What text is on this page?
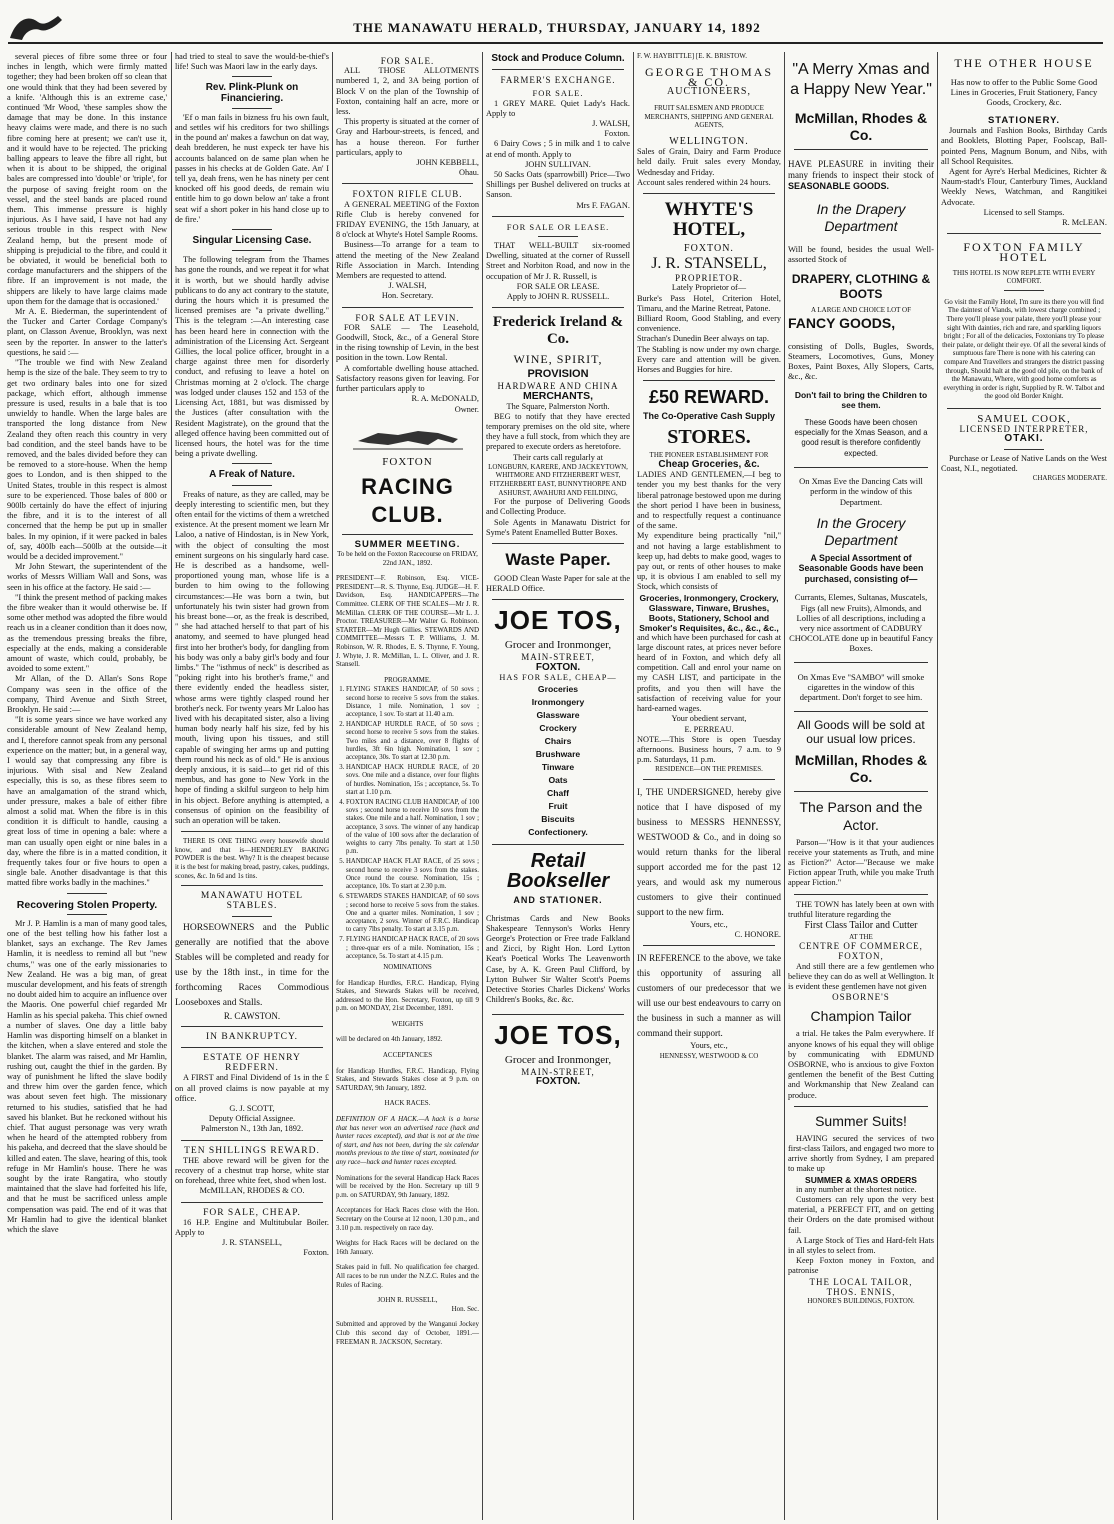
THE MANAWATU HERALD, THURSDAY, JANUARY 14, 1892

several pieces of fibre some three or four inches in length, which were firmly matted together; they had been broken off so clean that one would think that they had been severed by a knife. 'Although this is an extreme case,' continued 'Mr Wood, 'these samples show the damage that may be done. In this instance heavy claims were made, and there is no such fibre coming here at present; we can't use it, and it would have to be rejected. The pricking balling appears to leave the fibre all right, but when it is about to be shipped, the original bales are compressed into 'double' or 'triple', for the purpose of saving freight room on the vessel, and the steel bands are placed round them. This immense pressure is highly injurious. As I have said, I have not had any serious trouble in this respect with New Zealand hemp, but the present mode of shipping is prejudicial to the fibre, and could it be obviated, it would be beneficial both to cordage manufacturers and the shippers of the fibre. If an improvement is not made, the shippers are likely to have large claims made upon them for the damage that is occasioned.'

Mr A. E. Biederman, the superintendent of the Tucker and Carter Cordage Company's plant, on Classon Avenue, Brooklyn, was next seen by the reporter. In answer to the latter's questions, he said :—

"The trouble we find with New Zealand hemp is the size of the bale. They seem to try to get two ordinary bales into one for sized package, which effort, although immense pressure is used, results in a bale that is too unwieldy to handle. When the large bales are transported the long distance from New Zealand they often reach this country in very bad condition, and the steel bands have to be removed, and the bales divided before they can be removed to a store-house. When the hemp goes to London, and is then shipped to the United States, trouble in this respect is almost sure to be experienced. Those bales of 800 or 900lb certainly do have the effect of injuring the fibre, and it is to the interest of all concerned that the hemp be put up in smaller bales. In my opinion, if it were packed in bales of, say, 400lb each—500lb at the outside—it would be a decided improvement."

Mr John Stewart, the superintendent of the works of Messrs William Wall and Sons, was seen in his office at the factory. He said :—

"I think the present method of packing makes the fibre weaker than it would otherwise be. If some other method was adopted the fibre would reach us in a cleaner condition than it does now, as the tremendous pressing breaks the fibre, especially at the ends, making a considerable amount of waste, which could, probably, be avoided to some extent."

Mr Allan, of the D. Allan's Sons Rope Company was seen in the office of the company, Third Avenue and Sixth Street, Brooklyn. He said :—

"It is some years since we have worked any considerable amount of New Zealand hemp, and I, therefore cannot speak from any personal experience on the matter; but, in a general way, I would say that compressing any fibre is injurious. With sisal and New Zealand especially, this is so, as these fibres seem to have an amalgamation of the strand which, under pressure, makes a bale of either fibre almost a solid mat. When the fibre is in this condition it is difficult to handle, causing a great loss of time in opening a bale: where a man can usually open eight or nine bales in a day, where the fibre is in a matted condition, it frequently takes four or five hours to open a single bale. Another disadvantage is that this matted fibre works badly in the machines."

Recovering Stolen Property.

Mr J. P. Hamlin is a man of many good tales, one of the best telling how his father lost a blanket, says an exchange. The Rev James Hamlin, it is needless to remind all but "new chums," was one of the early missionaries to New Zealand. He was a big man, of great muscular development, and his feats of strength no doubt aided him to acquire an influence over the Maoris. One powerful chief regarded Mr Hamlin as his special pakeha. This chief owned a number of slaves. One day a little baby Hamlin was disporting himself on a blanket in the kitchen, when a slave entered and stole the blanket. The alarm was raised, and Mr Hamlin, rushing out, caught the thief in the garden. By way of punishment he lifted the slave bodily and threw him over the garden fence, which was about seven feet high. The missionary returned to his studies, satisfied that he had saved his blanket. But he reckoned without his chief. That august personage was very wrath when he heard of the attempted robbery from his pakeha, and decreed that the slave should be killed and eaten. The slave, hearing of this, took refuge in Mr Hamlin's house. There he was sought by the irate Rangatira, who stoutly maintained that the slave had forfeited his life, and that he must be sacrificed unless ample compensation was paid. The end of it was that Mr Hamlin had to give the identical blanket which the slave

had tried to steal to save the would-be-thief's life! Such was Maori law in the early days.

Rev. Plink-Plunk on Financiering.

'Ef o man fails in bizness fru his own fault, and settles wif his creditors for two shillings in the pound an' makes a fawchun on dat way, deah bredderen, he nust expeck ter have his accounts balanced on de same plan when he passes in his checks at de Golden Gate. An' I tell ya, deah frens, wen he has ninety per cent knocked off his good deeds, de remain wiu entitle him to go down below an' take a front seat wif a short poker in his hand close up to de fire.'

Singular Licensing Case.

The following telegram from the Thames has gone the rounds, and we repeat it for what it is worth, but we should hardly advise publicans to do any act contrary to the statute, during the hours which it is presumed the licensed premises are "a private dwelling." This is the telegram :—An interesting case has been heard here in connection with the administration of the Licensing Act. Sergeant Gillies, the local police officer, brought in a charge against three men for disorderly conduct, and refusing to leave a hotel on Christmas morning at 2 o'clock. The charge was lodged under clauses 152 and 153 of the Licensing Act, 1881, but was dismissed by the Justices (after consultation with the Resident Magistrate), on the ground that the alleged offence having been committed out of licensed hours, the hotel was for the time being a private dwelling.

A Freak of Nature.

Freaks of nature, as they are called, may be deeply interesting to scientific men, but they often entail for the victims of them a wretched existence. At the present moment we learn Mr Laloo, a native of Hindostan, is in New York, with the object of consulting the most eminent surgeons on his singularly hard case. He is described as a handsome, well-proportioned young man, whose life is a burden to him owing to the following circumstances:—He was born a twin, but unfortunately his twin sister had grown from his breast bone—or, as the freak is described, " she had attached herself to that part of his anatomy, and seemed to have plunged head first into her brother's body, for dangling from his body was only a baby girl's body and four limbs." The "isthmus of neck" is described as "poking right into his brother's frame," and there evidently ended the headless sister, whose arms were tightly clasped round her brother's neck. For twenty years Mr Laloo has lived with his decapitated sister, also a living human body nearly half his size, fed by his mouth, living upon his tissues, and still capable of swinging her arms up and putting them round his neck as of old." He is anxious deeply anxious, it is said—to get rid of this membus, and has gone to New York in the hope of finding a skilful surgeon to help him in his object. Before anything is attempted, a consensus of opinion on the feasibility of such an operation will be taken.

THERE IS ONE THING every housewife should know, and that is—HENDERLEY BAKING POWDER is the best. Why? It is the cheapest because it is the best for making bread, pastry, cakes, puddings, scones, &c. In 6d and 1s tins.

MANAWATU HOTEL STABLES.

HORSEOWNERS and the Public generally are notified that the above Stables will be completed and ready for use by the 18th inst., in time for the forthcoming Races Commodious Looseboxes and Stalls.

R. CAWSTON.
IN BANKRUPTCY.
ESTATE OF HENRY REDFERN.

A FIRST and Final Dividend of 1s in the £ on all proved claims is now payable at my office.

G. J. SCOTT,
Deputy Official Assignee.
Palmerston N., 13th Jan, 1892.
TEN SHILLINGS REWARD.

THE above reward will be given for the recovery of a chestnut trap horse, white star on forehead, three white feet, shod when lost.

McMILLAN, RHODES & CO.
FOR SALE, CHEAP.

16 H.P. Engine and Multitubular Boiler. Apply to

J. R. STANSELL,
Foxton.
FOR SALE.

ALL THOSE ALLOTMENTS numbered 1, 2, and 3A being portion of Block V on the plan of the Township of Foxton, containing half an acre, more or less.

This property is situated at the corner of Gray and Harbour-streets, is fenced, and has a house thereon. For further particulars, apply to

JOHN KEBBELL,
Ohau.
FOXTON RIFLE CLUB.

A GENERAL MEETING of the Foxton Rifle Club is hereby convened for FRIDAY EVENING, the 15th January, at 8 o'clock at Whyte's Hotel Sample Rooms.

Business—To arrange for a team to attend the meeting of the New Zealand Rifle Association in March. Intending Members are requested to attend.

J. WALSH,
Hon. Secretary.
FOR SALE AT LEVIN.

FOR SALE — The Leasehold, Goodwill, Stock, &c., of a General Store in the rising township of Levin, in the best position in the town. Low Rental.

A comfortable dwelling house attached. Satisfactory reasons given for leaving. For further particulars apply to

R. A. McDONALD,
Owner.
FOXTON
RACING CLUB.
SUMMER MEETING.

To be held on the Foxton Racecourse on FRIDAY, 22nd JAN., 1892.

PRESIDENT—F. Robinson, Esq. VICE-PRESIDENT—R. S. Thynne, Esq. JUDGE—H. F. Davidson, Esq. HANDICAPPERS—The Committee. CLERK OF THE SCALES—Mr J. R. McMillan. CLERK OF THE COURSE—Mr L. J. Proctor. TREASURER—Mr Walter G. Robinson. STARTER—Mr Hugh Gillies. STEWARDS AND COMMITTEE—Messrs T. P. Williams, J. M. Robinson, W. R. Rhodes, E. S. Thynne, F. Young, J. Whyte, J. R. McMillan, L. L. Oliver, and J. R. Stansell.

PROGRAMME.
1. FLYING STAKES HANDICAP, of 50 sovs ; second horse to receive 5 sovs from the stakes. Distance, 1 mile. Nomination, 1 sov ; acceptance, 1 sov. To start at 11.40 a.m.
2. HANDICAP HURDLE RACE, of 50 sovs ; second horse to receive 5 sovs from the stakes. Two miles and a distance, over 8 flights of hurdles, 3ft 6in high. Nomination, 1 sov ; acceptance, 30s. To start at 12.30 p.m.
3. HANDICAP HACK HURDLE RACE, of 20 sovs. One mile and a distance, over four flights of hurdles. Nomination, 15s ; acceptance, 5s. To start at 1.10 p.m.
4. FOXTON RACING CLUB HANDICAP, of 100 sovs ; second horse to receive 10 sovs from the stakes. One mile and a half. Nomination, 1 sov ; acceptance, 3 sovs. The winner of any handicap of the value of 100 sovs after the declaration of weights to carry 7lbs penalty. To start at 1.50 p.m.
5. HANDICAP HACK FLAT RACE, of 25 sovs ; second horse to receive 3 sovs from the stakes. Once round the course. Nomination, 15s ; acceptance, 10s. To start at 2.30 p.m.
6. STEWARDS STAKES HANDICAP, of 60 sovs ; second horse to receive 5 sovs from the stakes. One and a quarter miles. Nomination, 1 sov ; acceptance, 2 sovs. Winner of F.R.C. Handicap to carry 7lbs penalty. To start at 3.15 p.m.
7. FLYING HANDICAP HACK RACE, of 20 sovs ; three-quar ers of a mile. Nomination, 15s ; acceptance, 5s. To start at 4.15 p.m.
NOMINATIONS

for Handicap Hurdles, F.R.C. Handicap, Flying Stakes, and Stewards Stakes will be received, addressed to the Hon. Secretary, Foxton, up till 9 p.m. on MONDAY, 21st December, 1891.

WEIGHTS

will be declared on 4th January, 1892.

ACCEPTANCES

for Handicap Hurdles, F.R.C. Handicap, Flying Stakes, and Stewards Stakes close at 9 p.m. on SATURDAY, 9th January, 1892.

HACK RACES.

DEFINITION OF A HACK.—A hack is a horse that has never won an advertised race (hack and hunter races excepted), and that is not at the time of start, and has not been, during the six calendar months previous to the time of start, nominated for any race—hack and hunter races excepted.

Nominations for the several Handicap Hack Races will be received by the Hon. Secretary up till 9 p.m. on SATURDAY, 9th January, 1892.

Acceptances for Hack Races close with the Hon. Secretary on the Course at 12 noon, 1.30 p.m., and 3.10 p.m. respectively on race day.

Weights for Hack Races will be declared on the 16th January.

Stakes paid in full. No qualification fee charged. All races to be run under the N.Z.C. Rules and the Rules of Racing.

JOHN R. RUSSELL,
Hon. Sec.

Submitted and approved by the Wanganui Jockey Club this second day of October, 1891.—FREEMAN R. JACKSON, Secretary.

Stock and Produce Column.
FARMER'S EXCHANGE.
FOR SALE.

1 GREY MARE. Quiet Lady's Hack. Apply to

J. WALSH,
Foxton.

6 Dairy Cows ; 5 in milk and 1 to calve at end of month. Apply to

JOHN SULLIVAN.

50 Sacks Oats (sparrowbill) Price—Two Shillings per Bushel delivered on trucks at Sanson.

Mrs F. FAGAN.
FOR SALE OR LEASE.

THAT WELL-BUILT six-roomed Dwelling, situated at the corner of Russell Street and Norbiton Road, and now in the occupation of Mr J. R. Russell, is

FOR SALE OR LEASE.
Apply to JOHN R. RUSSELL.
Frederick Ireland & Co.
WINE, SPIRIT,
PROVISION
HARDWARE AND CHINA
MERCHANTS,
The Square, Palmerston North.

BEG to notify that they have erected temporary premises on the old site, where they have a full stock, from which they are prepared to execute orders as heretofore.

Their carts call regularly at
LONGBURN, KARERE, AND JACKEYTOWN, WHITMORE AND FITZHERBERT WEST, FITZHERBERT EAST, BUNNYTHORPE AND ASHURST, AWAHURI AND FEILDING,

For the purpose of Delivering Goods and Collecting Produce.

Sole Agents in Manawatu District for Syme's Patent Enamelled Butter Boxes.

Waste Paper.

GOOD Clean Waste Paper for sale at the HERALD Office.

JOE TOS,
Grocer and Ironmonger,
MAIN-STREET,
FOXTON.
HAS FOR SALE, CHEAP—
Groceries
Ironmongery
Glassware
Crockery
Chairs
Brushware
Tinware
Oats
Chaff
Fruit
Biscuits
Confectionery.
Retail Bookseller
AND STATIONER.

Christmas Cards and New Books Shakespeare Tennyson's Works Henry George's Protection or Free trade Falkland and Zicci, by Right Hon. Lord Lytton Keat's Poetical Works The Leavenworth Case, by A. K. Green Paul Clifford, by Lytton Bulwer Sir Walter Scott's Poems Detective Stories Charles Dickens' Works Children's Books, &c. &c.

JOE TOS,
Grocer and Ironmonger,
MAIN-STREET,
FOXTON.
F. W. HAYBITTLE] [E. K. BRISTOW.
GEORGE THOMAS & CO.
AUCTIONEERS,

FRUIT SALESMEN AND PRODUCE MERCHANTS, SHIPPING AND GENERAL AGENTS,

WELLINGTON.

Sales of Grain, Dairy and Farm Produce held daily. Fruit sales every Monday, Wednesday and Friday.

Account sales rendered within 24 hours.

WHYTE'S HOTEL,
FOXTON.
J. R. STANSELL,
PROPRIETOR.
Lately Proprietor of—

Burke's Pass Hotel, Criterion Hotel, Timaru, and the Marine Retreat, Patone.

Billiard Room, Good Stabling, and every convenience.

Strachan's Dunedin Beer always on tap.

The Stabling is now under my own charge. Every care and attention will be given. Horses and Buggies for hire.

£50 REWARD.
The Co-Operative Cash Supply
STORES.
THE PIONEER ESTABLISHMENT FOR
Cheap Groceries, &c.

LADIES AND GENTLEMEN,—I beg to tender you my best thanks for the very liberal patronage bestowed upon me during the short period I have been in business, and to respectfully request a continuance of the same.

My expenditure being practically "nil," and not having a large establishment to keep up, had debts to make good, wages to pay out, or rents of other houses to make up, it is obvious I am enabled to sell my Stock, which consists of

Groceries, Ironmongery, Crockery, Glassware, Tinware, Brushes, Boots, Stationery, School and Smoker's Requisites, &c., &c., &c.,

and which have been purchased for cash at large discount rates, at prices never before heard of in Foxton, and which defy all competition. Call and enrol your name on my CASH LIST, and participate in the profits, and you then will have the satisfaction of receiving value for your hard-earned wages.

Your obedient servant,
E. PERREAU.

NOTE.—This Store is open Tuesday afternoons. Business hours, 7 a.m. to 9 p.m. Saturdays, 11 p.m.

RESIDENCE—ON THE PREMISES.

I, THE UNDERSIGNED, hereby give notice that I have disposed of my business to MESSRS HENNESSY, WESTWOOD & Co., and in doing so would return thanks for the liberal support accorded me for the past 12 years, and would ask my numerous customers to give their continued support to the new firm.

Yours, etc.,
C. HONORE.

IN REFERENCE to the above, we take this opportunity of assuring all customers of our predecessor that we will use our best endeavours to carry on the business in such a manner as will command their support.

Yours, etc.,
HENNESSY, WESTWOOD & CO
"A Merry Xmas and a Happy New Year."
McMillan, Rhodes & Co.

HAVE PLEASURE in inviting their many friends to inspect their stock of SEASONABLE GOODS.

In the Drapery Department

Will be found, besides the usual Well-assorted Stock of

DRAPERY, CLOTHING & BOOTS
A LARGE AND CHOICE LOT OF
FANCY GOODS,

consisting of Dolls, Bugles, Swords, Steamers, Locomotives, Guns, Money Boxes, Paint Boxes, Ally Slopers, Carts, &c., &c.

Don't fail to bring the Children to see them.

These Goods have been chosen especially for the Xmas Season, and a good result is therefore confidently expected.

On Xmas Eve the Dancing Cats will perform in the window of this Department.

In the Grocery Department
A Special Assortment of Seasonable Goods have been purchased, consisting of—

Currants, Elemes, Sultanas, Muscatels, Figs (all new Fruits), Almonds, and Lollies of all descriptions, including a very nice assortment of CADBURY CHOCOLATE done up in beautiful Fancy Boxes.

On Xmas Eve "SAMBO" will smoke cigarettes in the window of this department. Don't forget to see him.

All Goods will be sold at our usual low prices.
McMillan, Rhodes & Co.
The Parson and the Actor.

Parson—"How is it that your audiences receive your statements as Truth, and mine as Fiction?" Actor—"Because we make Fiction appear Truth, while you make Truth appear Fiction."

THE TOWN has lately been at own with truthful literature regarding the

First Class Tailor and Cutter
AT THE
CENTRE OF COMMERCE, FOXTON,

And still there are a few gentlemen who believe they can do as well at Wellington. It is evident these gentlemen have not given

OSBORNE'S
Champion Tailor

a trial. He takes the Palm everywhere. If anyone knows of his equal they will oblige by communicating with EDMUND OSBORNE, who is anxious to give Foxton gentlemen the benefit of the Best Cutting and Workmanship that New Zealand can produce.

Summer Suits!

HAVING secured the services of two first-class Tailors, and engaged two more to arrive shortly from Sydney, I am prepared to make up

SUMMER & XMAS ORDERS

in any number at the shortest notice.

Customers can rely upon the very best material, a PERFECT FIT, and on getting their Orders on the date promised without fail.

A Large Stock of Ties and Hard-felt Hats in all styles to select from.

Keep Foxton money in Foxton, and patronise

THE LOCAL TAILOR,
THOS. ENNIS,
HONORE'S BUILDINGS, FOXTON.
THE OTHER HOUSE

Has now to offer to the Public Some Good Lines in Groceries, Fruit Stationery, Fancy Goods, Crockery, &c.

STATIONERY.

Journals and Fashion Books, Birthday Cards and Booklets, Blotting Paper, Foolscap, Ball-pointed Pens, Magnum Bonum, and Nibs, with all School Requisites.

Agent for Ayre's Herbal Medicines, Richter & Naum-stadt's Flour, Canterbury Times, Auckland Weekly News, Watchman, and Rangitikei Advocate.

Licensed to sell Stamps.
R. McLEAN.
FOXTON FAMILY HOTEL
THIS HOTEL IS NOW REPLETE WITH EVERY COMFORT.

Go visit the Family Hotel, I'm sure its there you will find The daintest of Viands, with lowest charge combined ; There you'll please your palate, there you'll please your sight With dainties, rich and rare, and sparkling liquors bright ; For all of the delicacies, Foxtonians try To please their palate, or delight their eye. Of all the several kinds of sumptuous fare There is none with his catering can compare And Travellers and strangers the district passing through, Should halt at the good old pile, on the bank of the Manawatu, Where, with good home comforts as everything in order is right, Supplied by R. W. Talbot and the good old Border Knight.

SAMUEL COOK,
LICENSED INTERPRETER,
OTAKI.

Purchase or Lease of Native Lands on the West Coast, N.I., negotiated.

CHARGES MODERATE.
